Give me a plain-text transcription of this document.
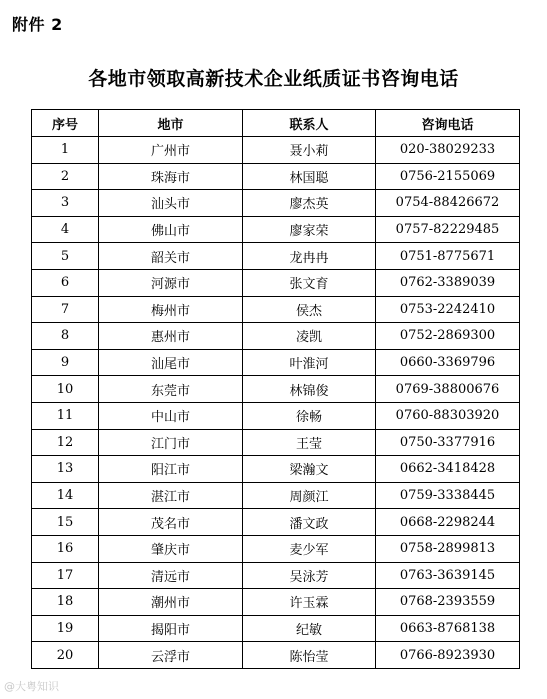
附件 2
各地市领取高新技术企业纸质证书咨询电话
序号	地市	联系人	咨询电话
1	广州市	聂小莉	020-38029233
2	珠海市	林国聪	0756-2155069
3	汕头市	廖杰英	0754-88426672
4	佛山市	廖家荣	0757-82229485
5	韶关市	龙冉冉	0751-8775671
6	河源市	张文育	0762-3389039
7	梅州市	侯杰	0753-2242410
8	惠州市	凌凯	0752-2869300
9	汕尾市	叶淮河	0660-3369796
10	东莞市	林锦俊	0769-38800676
11	中山市	徐畅	0760-88303920
12	江门市	王莹	0750-3377916
13	阳江市	梁瀚文	0662-3418428
14	湛江市	周颜江	0759-3338445
15	茂名市	潘文政	0668-2298244
16	肇庆市	麦少军	0758-2899813
17	清远市	吴泳芳	0763-3639145
18	潮州市	许玉霖	0768-2393559
19	揭阳市	纪敏	0663-8768138
20	云浮市	陈怡莹	0766-8923930
@大粤知识
